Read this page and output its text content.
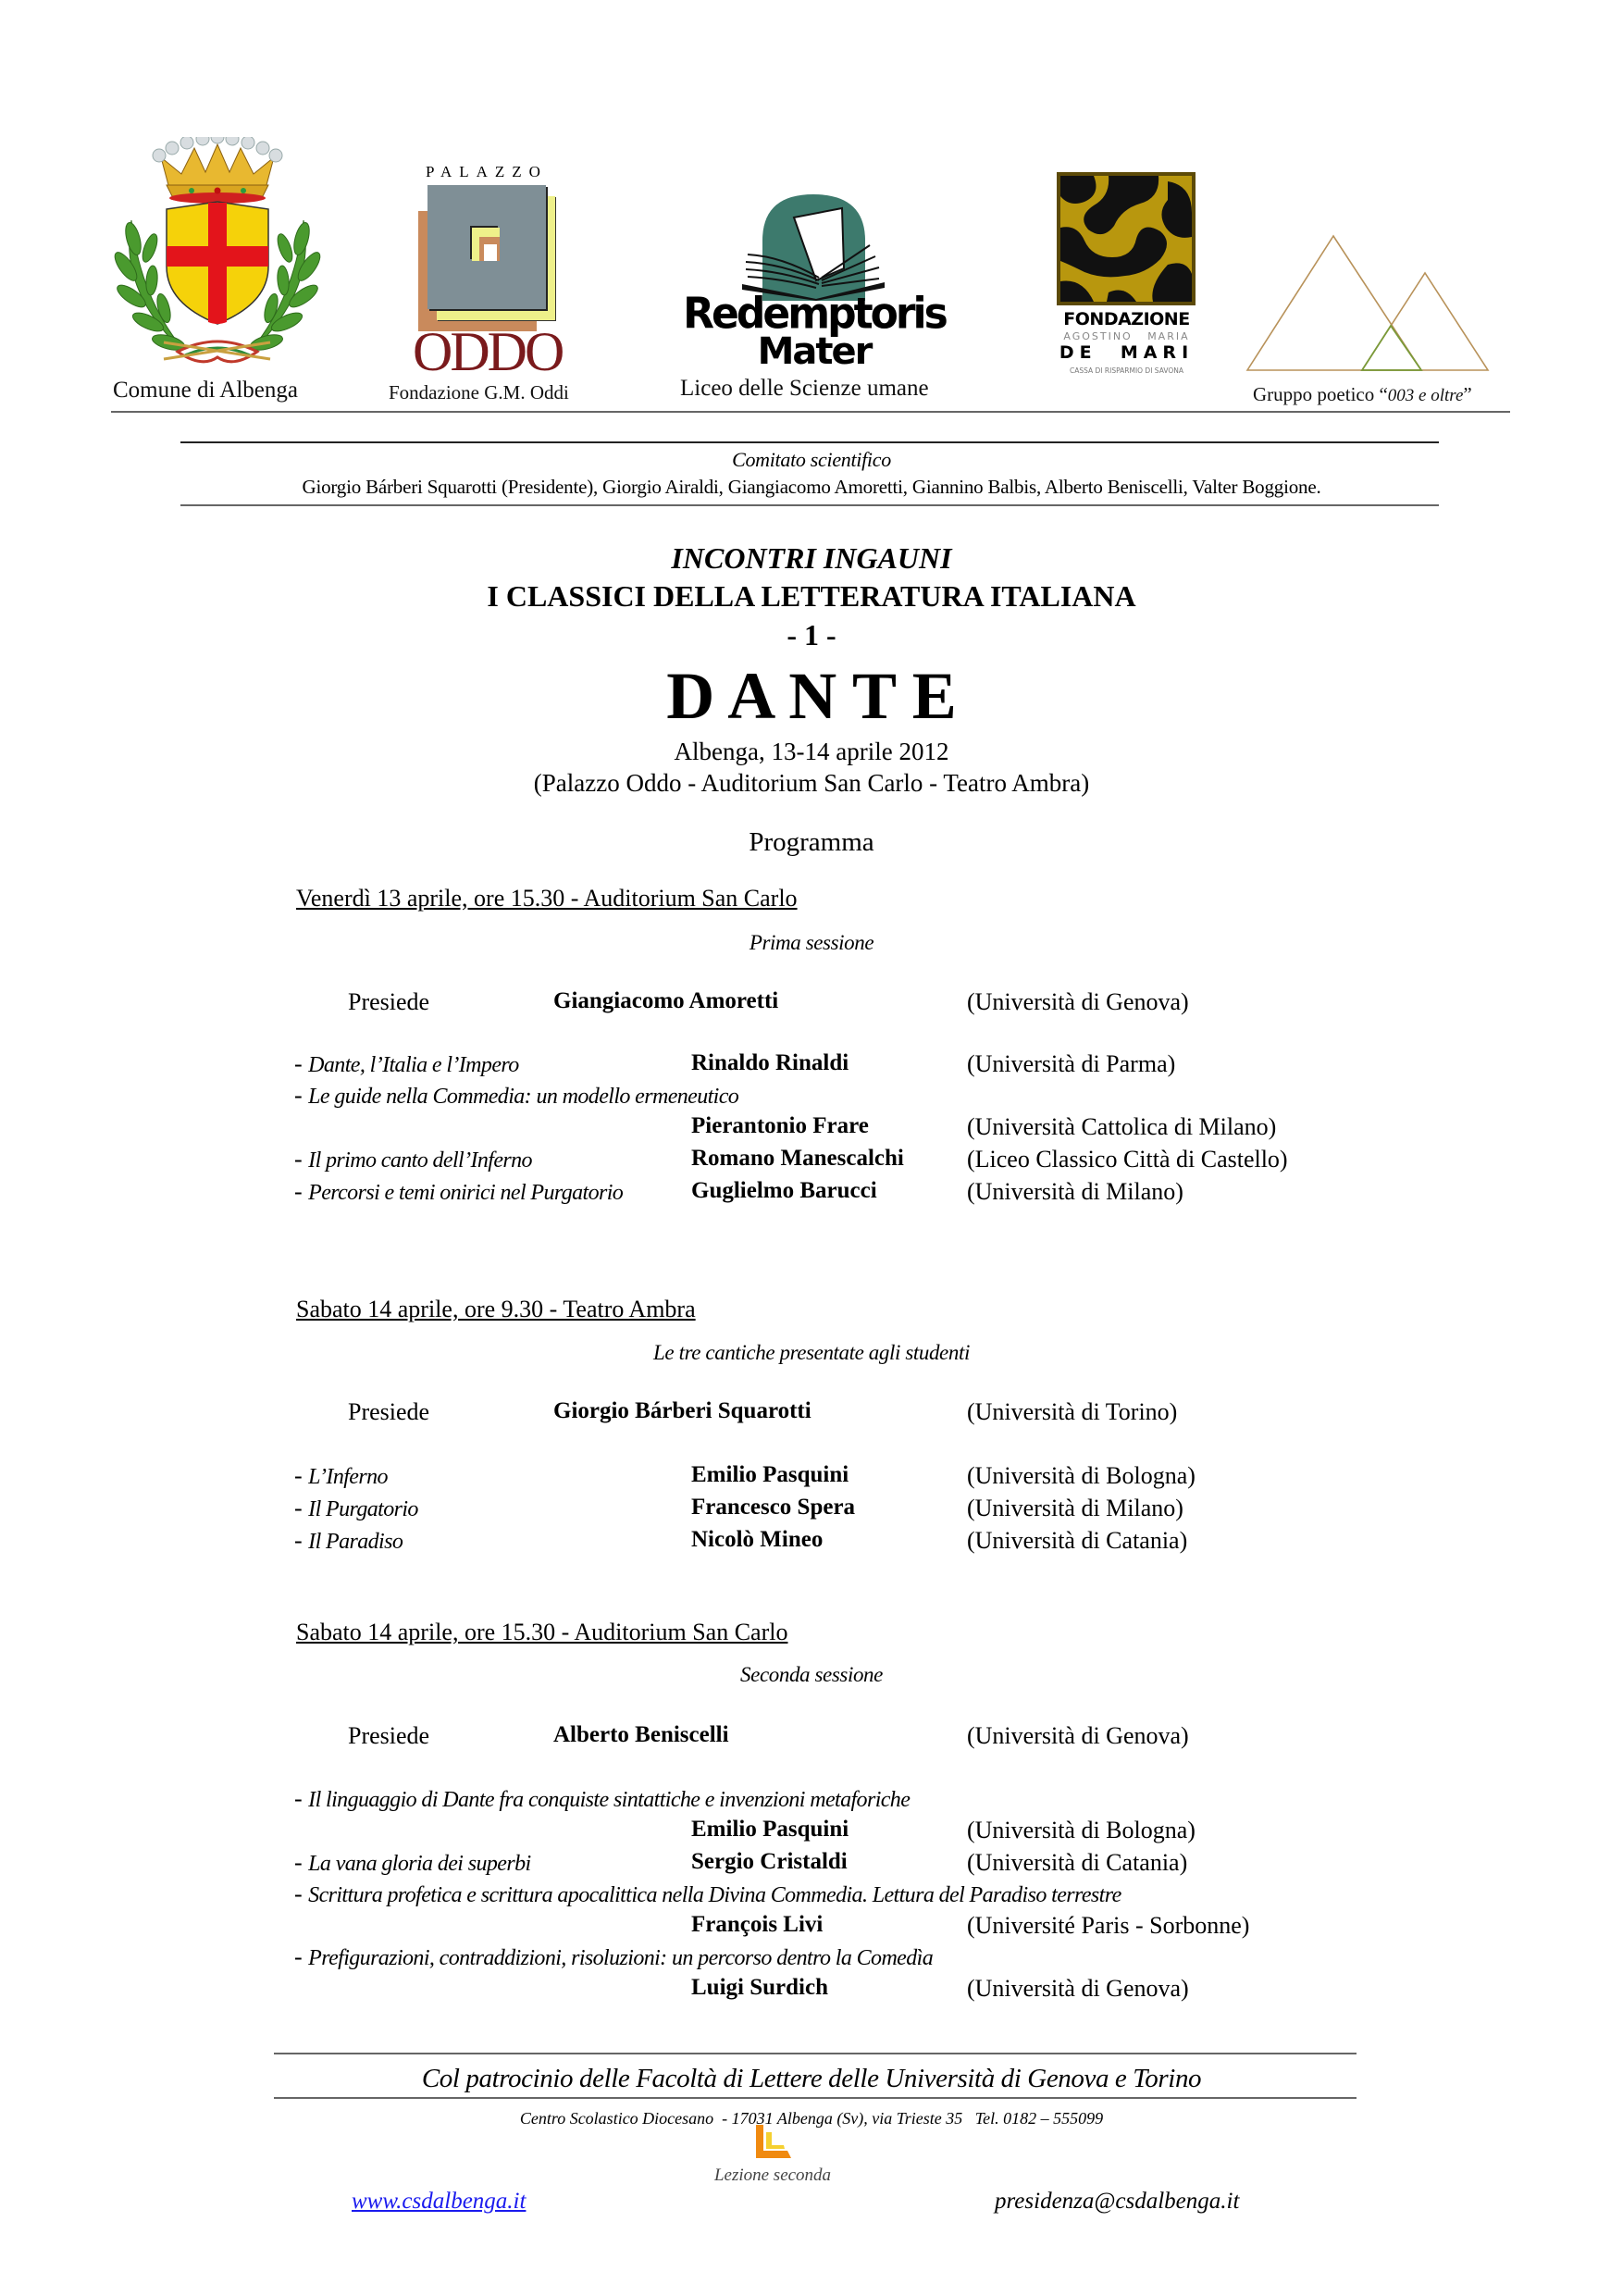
Comune di Albenga
PALAZZO
ODDO
Fondazione G.M. Oddi
Redemptoris
Mater
Liceo delle Scienze umane
FONDAZIONE
AGOSTINO   MARIA
DE  MARI
CASSA DI RISPARMIO DI SAVONA
Gruppo poetico “003 e oltre”
Comitato scientifico
Giorgio Bárberi Squarotti (Presidente), Giorgio Airaldi, Giangiacomo Amoretti, Giannino Balbis, Alberto Beniscelli, Valter Boggione.
INCONTRI INGAUNI
I CLASSICI DELLA LETTERATURA ITALIANA
- 1 -
D A N T E
Albenga, 13-14 aprile 2012
(Palazzo Oddo - Auditorium San Carlo - Teatro Ambra)
Programma
Venerdì 13 aprile, ore 15.30 - Auditorium San Carlo
Prima sessione
Presiede	Giangiacomo Amoretti	(Università di Genova)
- Dante, l’Italia e l’Impero	Rinaldo Rinaldi	(Università di Parma)
- Le guide nella Commedia: un modello ermeneutico
Pierantonio Frare	(Università Cattolica di Milano)
- Il primo canto dell’Inferno	Romano Manescalchi	(Liceo Classico Città di Castello)
- Percorsi e temi onirici nel Purgatorio	Guglielmo Barucci	(Università di Milano)
Sabato 14 aprile, ore 9.30 - Teatro Ambra
Le tre cantiche presentate agli studenti
Presiede	Giorgio Bárberi Squarotti	(Università di Torino)
- L’Inferno	Emilio Pasquini	(Università di Bologna)
- Il Purgatorio	Francesco Spera	(Università di Milano)
- Il Paradiso	Nicolò Mineo	(Università di Catania)
Sabato 14 aprile, ore 15.30 - Auditorium San Carlo
Seconda sessione
Presiede	Alberto Beniscelli	(Università di Genova)
- Il linguaggio di Dante fra conquiste sintattiche e invenzioni metaforiche
Emilio Pasquini	(Università di Bologna)
- La vana gloria dei superbi	Sergio Cristaldi	(Università di Catania)
- Scrittura profetica e scrittura apocalittica nella Divina Commedia. Lettura del Paradiso terrestre
François Livi	(Université Paris - Sorbonne)
- Prefigurazioni, contraddizioni, risoluzioni: un percorso dentro la Comedìa
Luigi Surdich	(Università di Genova)
Col patrocinio delle Facoltà di Lettere delle Università di Genova e Torino
Centro Scolastico Diocesano  - 17031 Albenga (Sv), via Trieste 35   Tel. 0182 – 555099
Lezione seconda
www.csdalbenga.it	presidenza@csdalbenga.it
